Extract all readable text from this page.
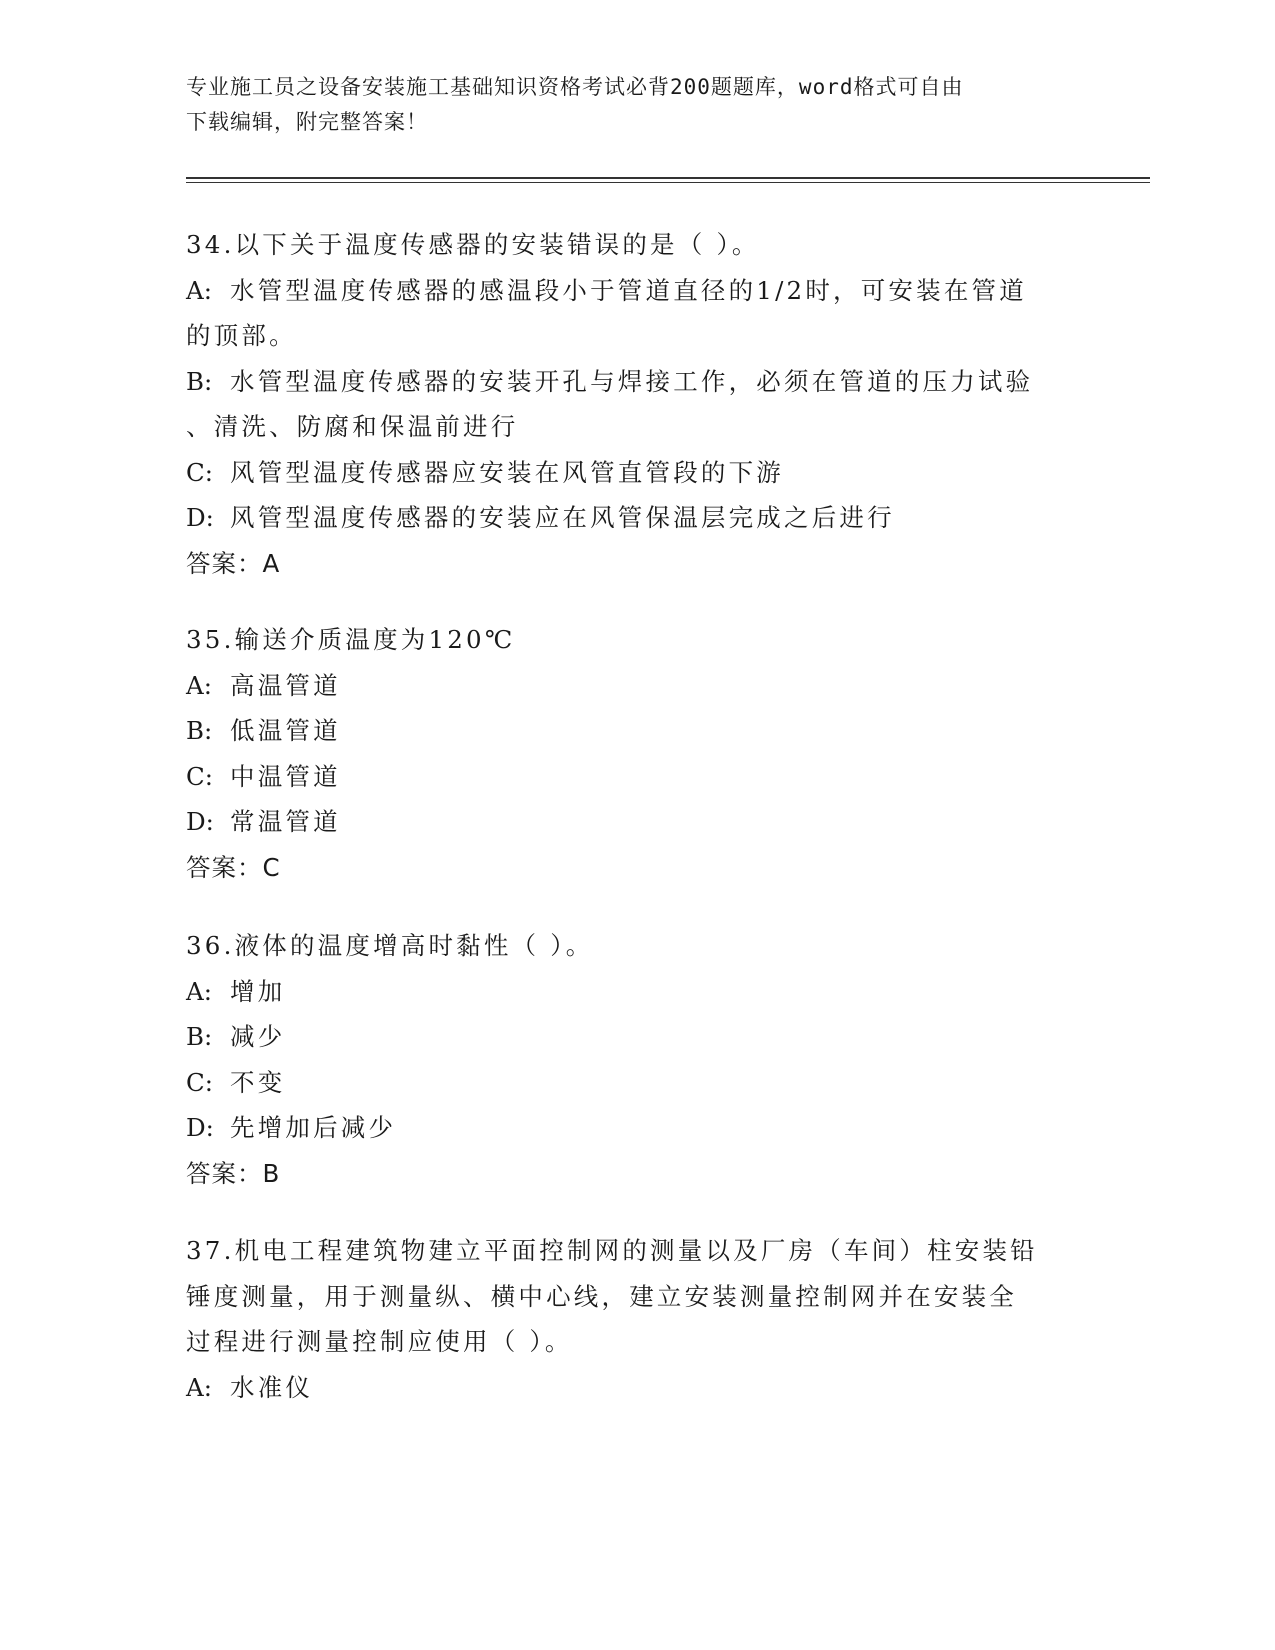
专业施工员之设备安装施工基础知识资格考试必背200题题库，word格式可自由
下载编辑，附完整答案！
34.以下关于温度传感器的安装错误的是（ ）。
A: 水管型温度传感器的感温段小于管道直径的1/2时，可安装在管道
的顶部。
B: 水管型温度传感器的安装开孔与焊接工作，必须在管道的压力试验
、清洗、防腐和保温前进行
C: 风管型温度传感器应安装在风管直管段的下游
D: 风管型温度传感器的安装应在风管保温层完成之后进行
答案：A
35.输送介质温度为120℃
A: 高温管道
B: 低温管道
C: 中温管道
D: 常温管道
答案：C
36.液体的温度增高时黏性（ ）。
A: 增加
B: 减少
C: 不变
D: 先增加后减少
答案：B
37.机电工程建筑物建立平面控制网的测量以及厂房（车间）柱安装铅
锤度测量，用于测量纵、横中心线，建立安装测量控制网并在安装全
过程进行测量控制应使用（ ）。
A: 水准仪
